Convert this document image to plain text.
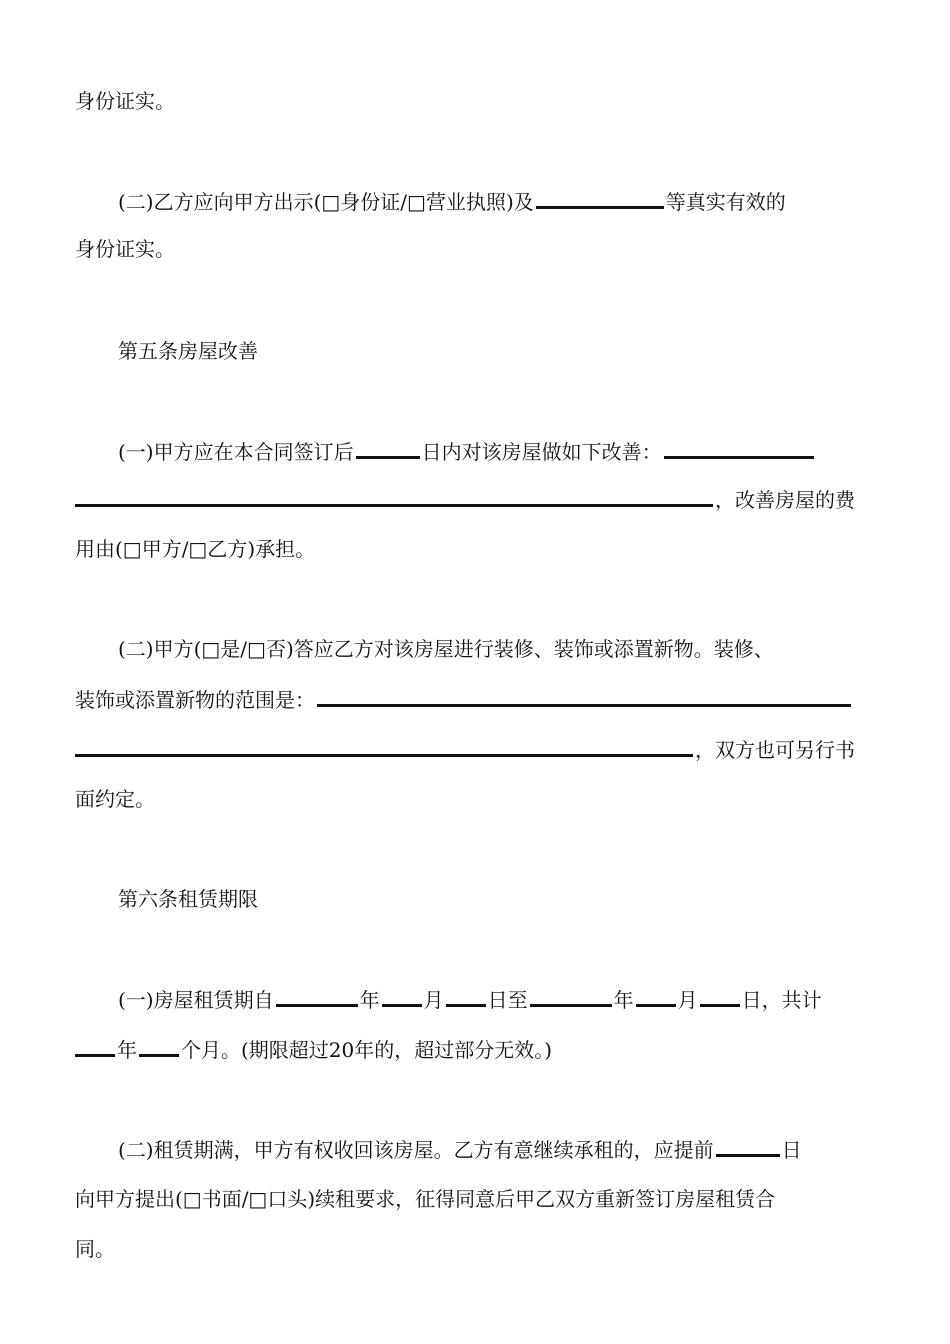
身份证实。
(二)乙方应向甲方出示(□身份证/□营业执照)及	等真实有效的
身份证实。
第五条房屋改善
(一)甲方应在本合同签订后	日内对该房屋做如下改善：
，改善房屋的费
用由(□甲方/□乙方)承担。
(二)甲方(□是/□否)答应乙方对该房屋进行装修、装饰或添置新物。装修、
装饰或添置新物的范围是：
，双方也可另行书
面约定。
第六条租赁期限
(一)房屋租赁期自	年 月 日至	年 月 日，共计
年 个月。(期限超过20年的，超过部分无效。)
(二)租赁期满，甲方有权收回该房屋。乙方有意继续承租的，应提前	日
向甲方提出(□书面/□口头)续租要求，征得同意后甲乙双方重新签订房屋租赁合
同。
